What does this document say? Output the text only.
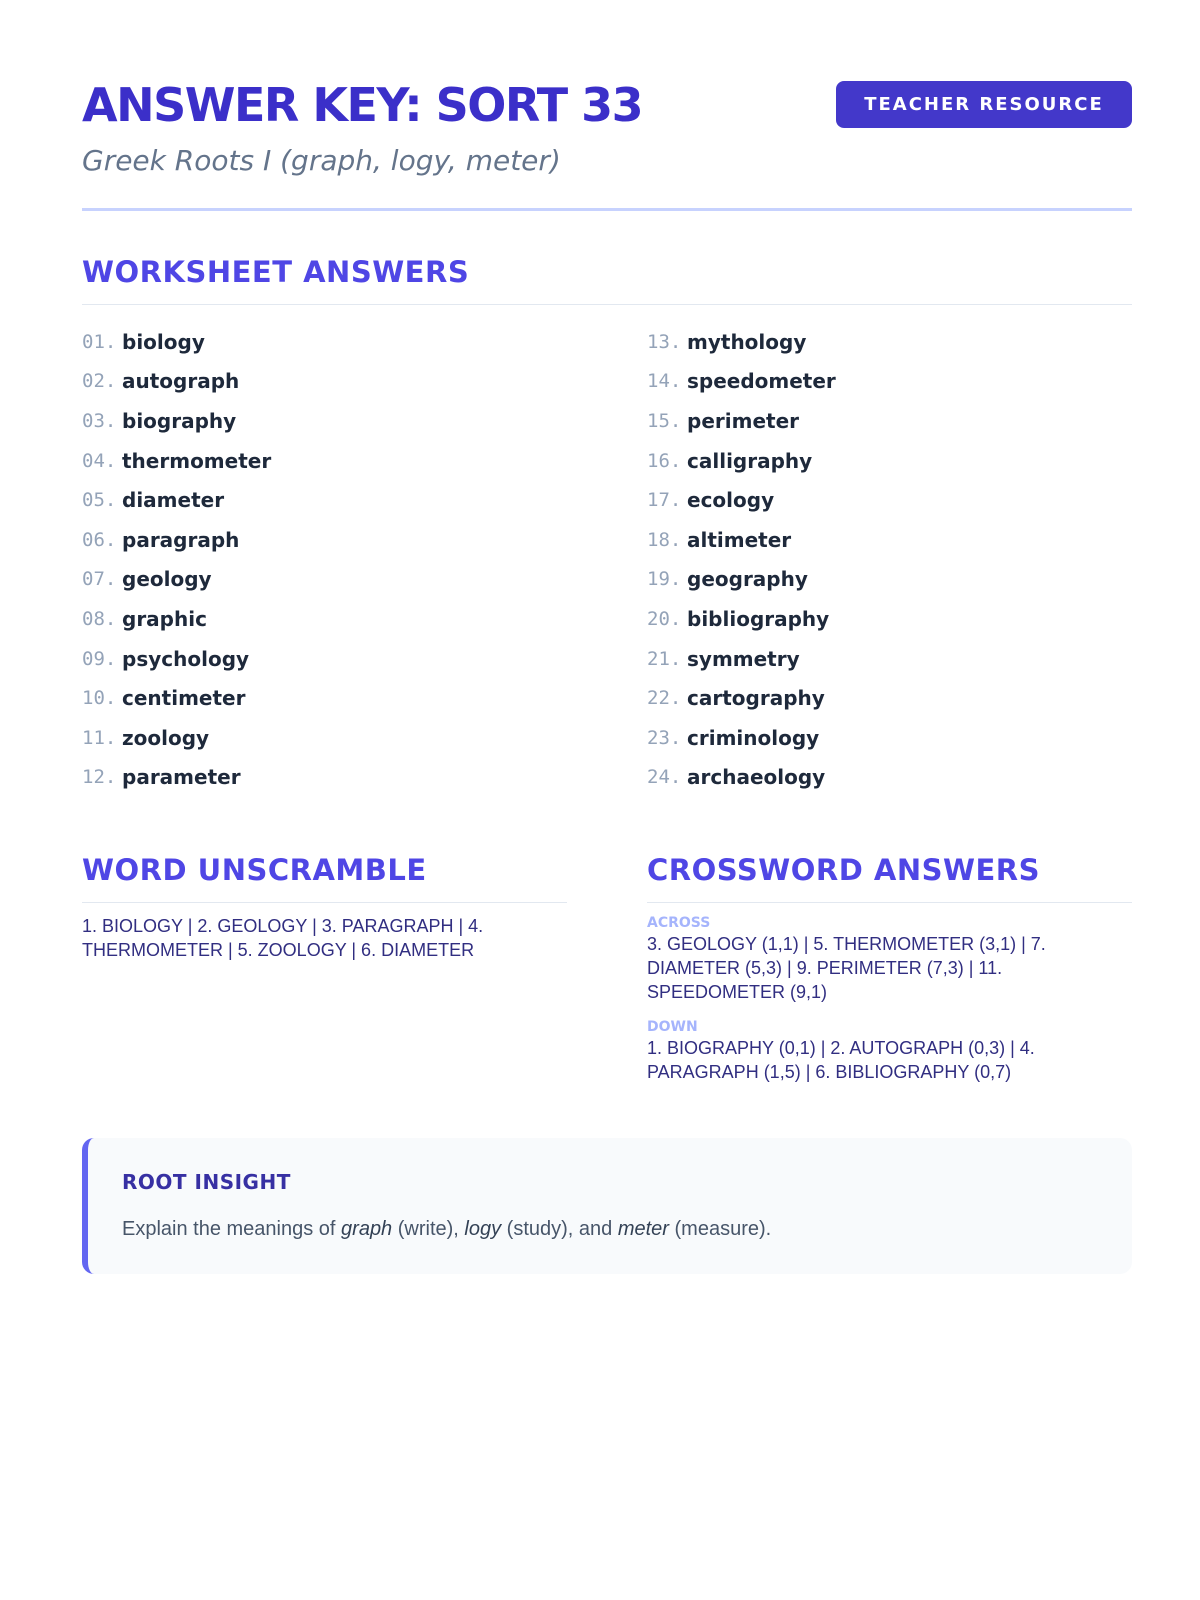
ANSWER KEY: SORT 33

Greek Roots I (graph, logy, meter)

TEACHER RESOURCE
WORKSHEET ANSWERS
01. biology
02. autograph
03. biography
04. thermometer
05. diameter
06. paragraph
07. geology
08. graphic
09. psychology
10. centimeter
11. zoology
12. parameter
13. mythology
14. speedometer
15. perimeter
16. calligraphy
17. ecology
18. altimeter
19. geography
20. bibliography
21. symmetry
22. cartography
23. criminology
24. archaeology
WORD UNSCRAMBLE

1. BIOLOGY | 2. GEOLOGY | 3. PARAGRAPH | 4. THERMOMETER | 5. ZOOLOGY | 6. DIAMETER

CROSSWORD ANSWERS

ACROSS

3. GEOLOGY (1,1) | 5. THERMOMETER (3,1) | 7. DIAMETER (5,3) | 9. PERIMETER (7,3) | 11. SPEEDOMETER (9,1)

DOWN

1. BIOGRAPHY (0,1) | 2. AUTOGRAPH (0,3) | 4. PARAGRAPH (1,5) | 6. BIBLIOGRAPHY (0,7)

ROOT INSIGHT

Explain the meanings of graph (write), logy (study), and meter (measure).
